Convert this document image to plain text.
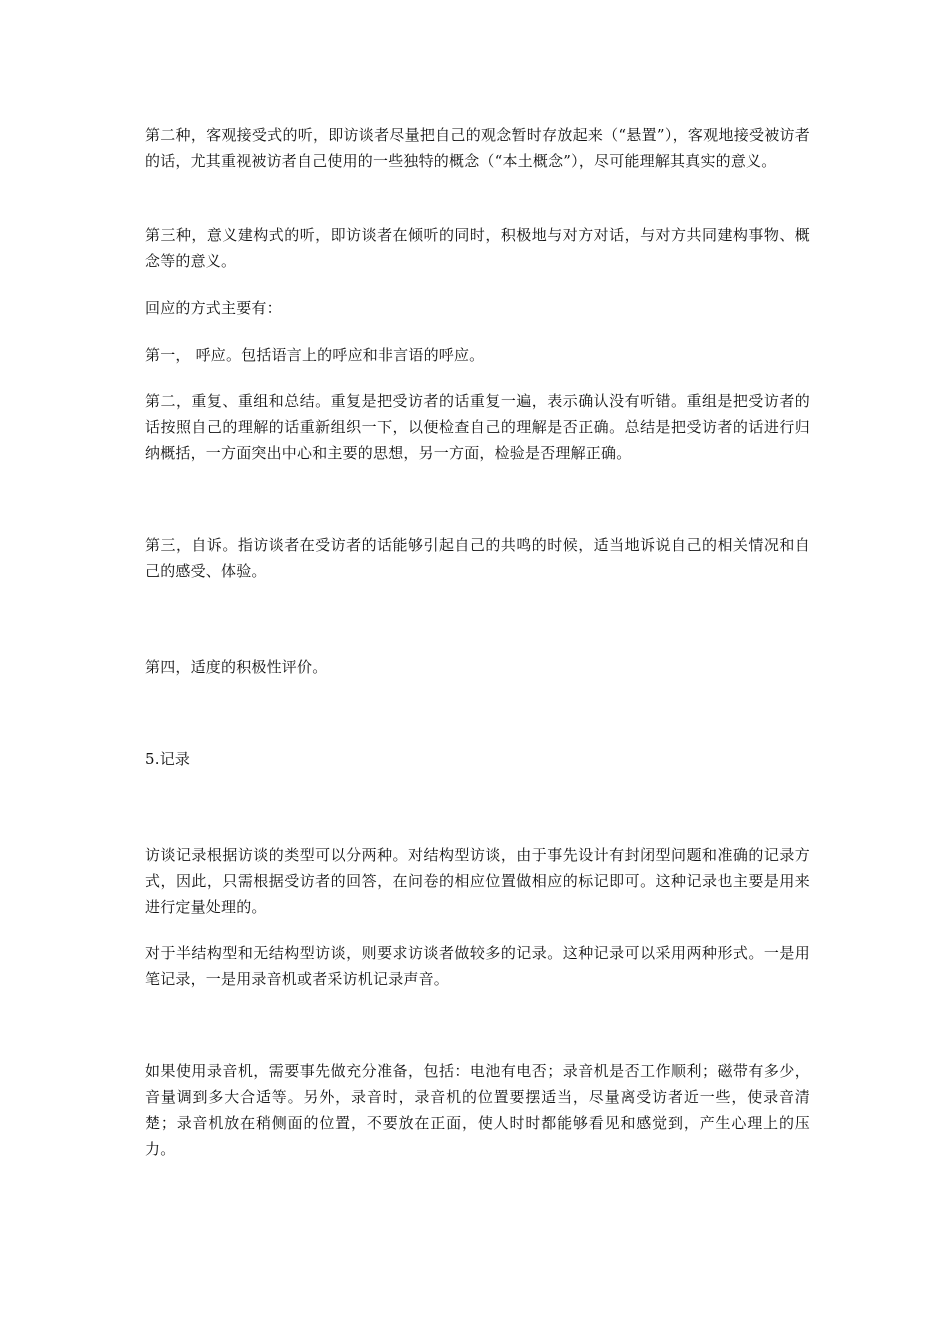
第二种，客观接受式的听，即访谈者尽量把自己的观念暂时存放起来（“悬置”），客观地接受被访者的话，尤其重视被访者自己使用的一些独特的概念（“本土概念”），尽可能理解其真实的意义。

第三种，意义建构式的听，即访谈者在倾听的同时，积极地与对方对话，与对方共同建构事物、概念等的意义。

回应的方式主要有：

第一， 呼应。包括语言上的呼应和非言语的呼应。

第二，重复、重组和总结。重复是把受访者的话重复一遍，表示确认没有听错。重组是把受访者的话按照自己的理解的话重新组织一下，以便检查自己的理解是否正确。总结是把受访者的话进行归纳概括，一方面突出中心和主要的思想，另一方面，检验是否理解正确。

第三，自诉。指访谈者在受访者的话能够引起自己的共鸣的时候，适当地诉说自己的相关情况和自己的感受、体验。

第四，适度的积极性评价。

5.记录

访谈记录根据访谈的类型可以分两种。对结构型访谈，由于事先设计有封闭型问题和准确的记录方式，因此，只需根据受访者的回答，在问卷的相应位置做相应的标记即可。这种记录也主要是用来进行定量处理的。

对于半结构型和无结构型访谈，则要求访谈者做较多的记录。这种记录可以采用两种形式。一是用笔记录，一是用录音机或者采访机记录声音。

如果使用录音机，需要事先做充分准备，包括：电池有电否；录音机是否工作顺利；磁带有多少，音量调到多大合适等。另外，录音时，录音机的位置要摆适当，尽量离受访者近一些，使录音清楚；录音机放在稍侧面的位置，不要放在正面，使人时时都能够看见和感觉到，产生心理上的压力。
